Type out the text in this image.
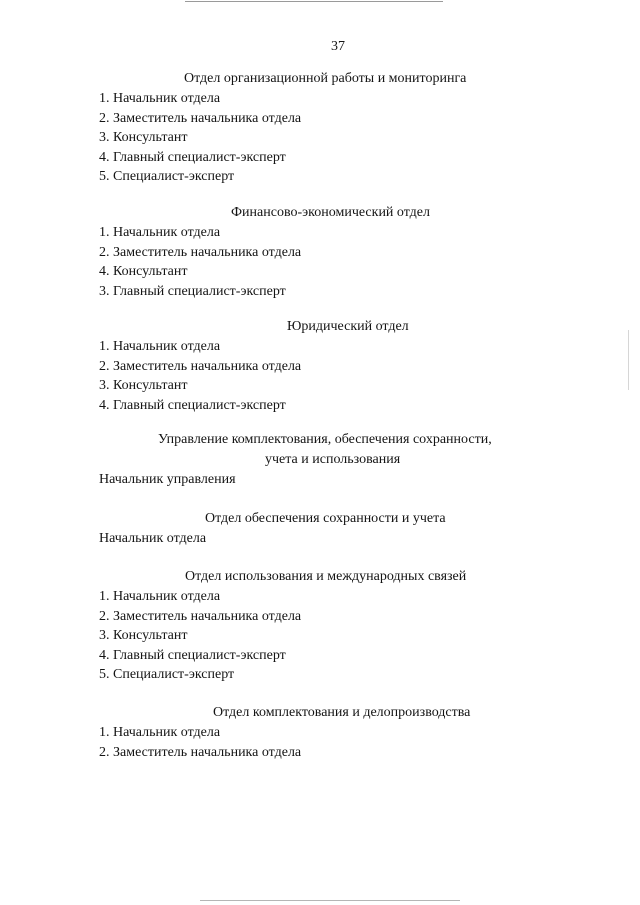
37
Отдел организационной работы и мониторинга
1. Начальник отдела
2. Заместитель начальника отдела
3. Консультант
4. Главный специалист-эксперт
5. Специалист-эксперт
Финансово-экономический отдел
1. Начальник отдела
2. Заместитель начальника отдела
4. Консультант
3. Главный специалист-эксперт
Юридический отдел
1. Начальник отдела
2. Заместитель начальника отдела
3. Консультант
4. Главный специалист-эксперт
Управление комплектования, обеспечения сохранности,
учета и использования
Начальник управления
Отдел обеспечения сохранности и учета
Начальник отдела
Отдел использования и международных связей
1. Начальник отдела
2. Заместитель начальника отдела
3. Консультант
4. Главный специалист-эксперт
5. Специалист-эксперт
Отдел комплектования и делопроизводства
1. Начальник отдела
2. Заместитель начальника отдела
